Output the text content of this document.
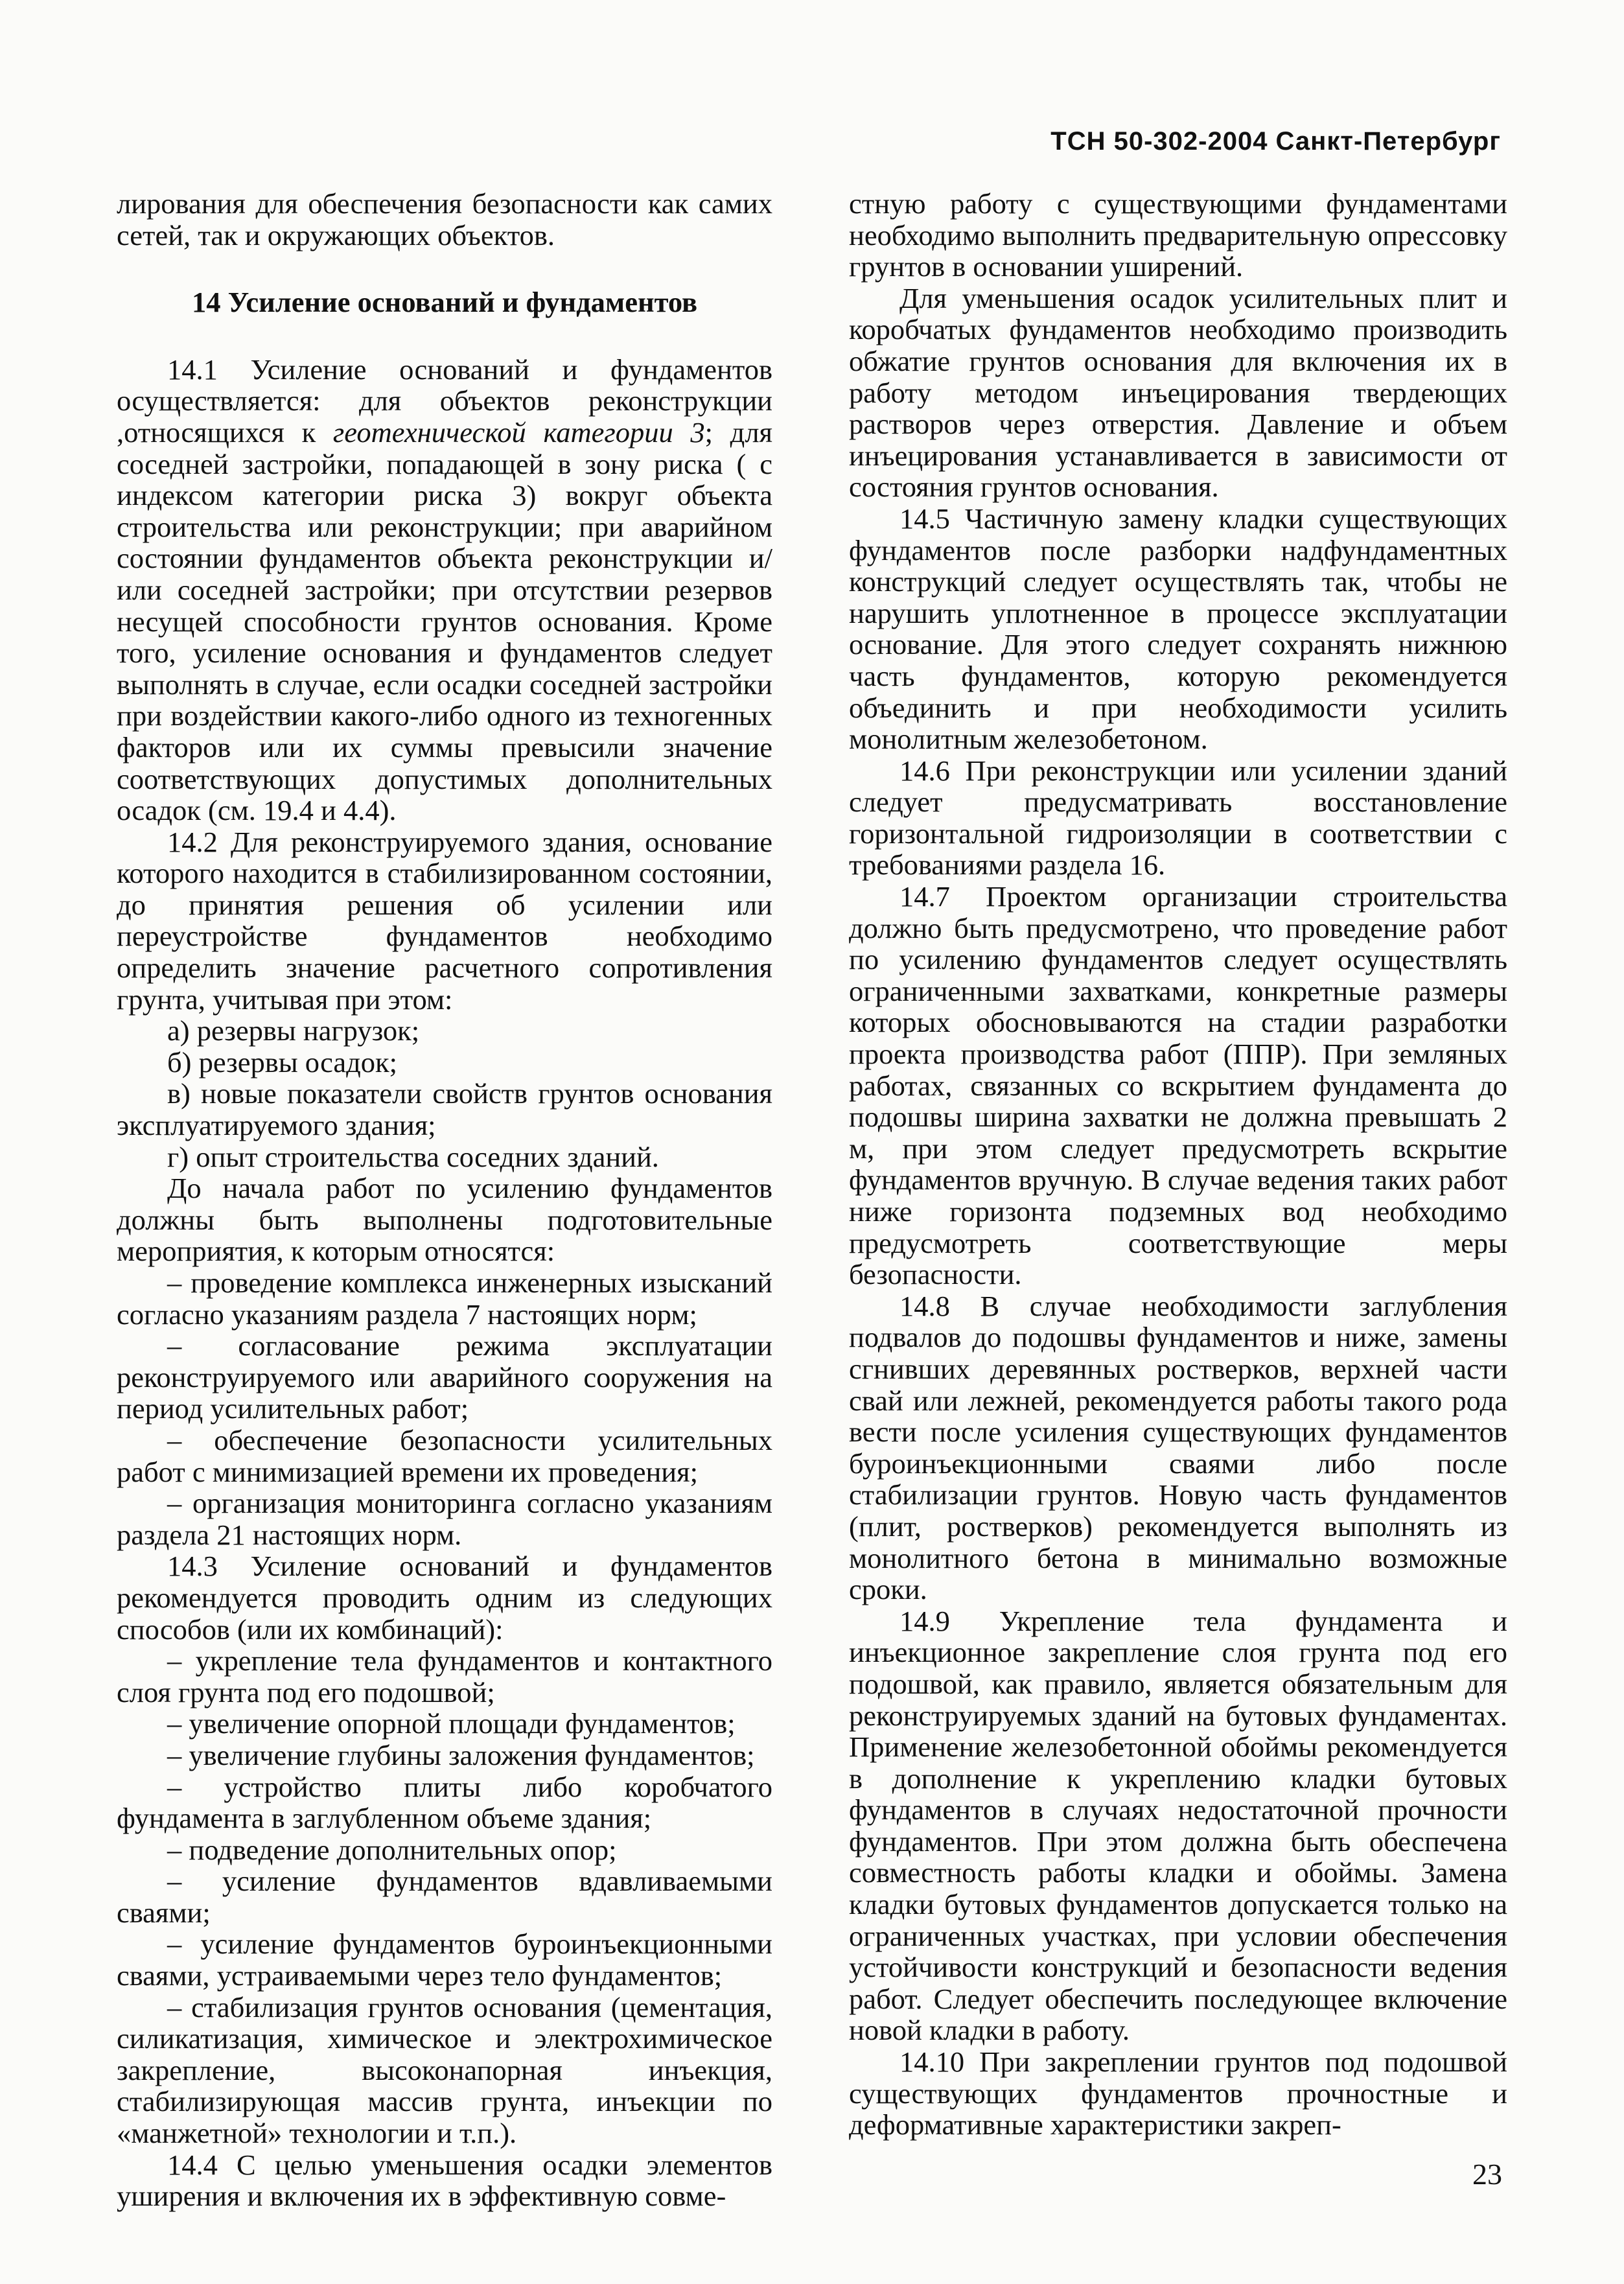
ТСН 50-302-2004 Санкт-Петербург

лирования для обеспечения безопасности как самих сетей, так и окружающих объектов.

14 Усиление оснований и фундаментов

14.1 Усиление оснований и фундаментов осуществляется: для объектов реконструкции ,относящихся к геотехнической категории 3; для соседней застройки, попадающей в зону риска ( с индексом категории риска 3) вокруг объекта строительства или реконструкции; при аварийном состоянии фундаментов объекта реконструкции и/или соседней застройки; при отсутствии резервов несущей способности грунтов основания. Кроме того, усиление основания и фундаментов следует выполнять в случае, если осадки соседней застройки при воздействии какого-либо одного из техногенных факторов или их суммы превысили значение соответствующих допустимых дополнительных осадок (см. 19.4 и 4.4).

14.2 Для реконструируемого здания, основание которого находится в стабилизированном состоянии, до принятия решения об усилении или переустройстве фундаментов необходимо определить значение расчетного сопротивления грунта, учитывая при этом:

а) резервы нагрузок;

б) резервы осадок;

в) новые показатели свойств грунтов основания эксплуатируемого здания;

г) опыт строительства соседних зданий.

До начала работ по усилению фундаментов должны быть выполнены подготовительные мероприятия, к которым относятся:

– проведение комплекса инженерных изысканий согласно указаниям раздела 7 настоящих норм;

– согласование режима эксплуатации реконструируемого или аварийного сооружения на период усилительных работ;

– обеспечение безопасности усилительных работ с минимизацией времени их проведения;

– организация мониторинга согласно указаниям раздела 21 настоящих норм.

14.3 Усиление оснований и фундаментов рекомендуется проводить одним из следующих способов (или их комбинаций):

– укрепление тела фундаментов и контактного слоя грунта под его подошвой;

– увеличение опорной площади фундаментов;

– увеличение глубины заложения фундаментов;

– устройство плиты либо коробчатого фундамента в заглубленном объеме здания;

– подведение дополнительных опор;

– усиление фундаментов вдавливаемыми сваями;

– усиление фундаментов буроинъекционными сваями, устраиваемыми через тело фундаментов;

– стабилизация грунтов основания (цементация, силикатизация, химическое и электрохимическое закрепление, высоконапорная инъекция, стабилизирующая массив грунта, инъекции по «манжетной» технологии и т.п.).

14.4 С целью уменьшения осадки элементов уширения и включения их в эффективную совме-

стную работу с существующими фундаментами необходимо выполнить предварительную опрессовку грунтов в основании уширений.

Для уменьшения осадок усилительных плит и коробчатых фундаментов необходимо производить обжатие грунтов основания для включения их в работу методом инъецирования твердеющих растворов через отверстия. Давление и объем инъецирования устанавливается в зависимости от состояния грунтов основания.

14.5 Частичную замену кладки существующих фундаментов после разборки надфундаментных конструкций следует осуществлять так, чтобы не нарушить уплотненное в процессе эксплуатации основание. Для этого следует сохранять нижнюю часть фундаментов, которую рекомендуется объединить и при необходимости усилить монолитным железобетоном.

14.6 При реконструкции или усилении зданий следует предусматривать восстановление горизонтальной гидроизоляции в соответствии с требованиями раздела 16.

14.7 Проектом организации строительства должно быть предусмотрено, что проведение работ по усилению фундаментов следует осуществлять ограниченными захватками, конкретные размеры которых обосновываются на стадии разработки проекта производства работ (ППР). При земляных работах, связанных со вскрытием фундамента до подошвы ширина захватки не должна превышать 2 м, при этом следует предусмотреть вскрытие фундаментов вручную. В случае ведения таких работ ниже горизонта подземных вод необходимо предусмотреть соответствующие меры безопасности.

14.8 В случае необходимости заглубления подвалов до подошвы фундаментов и ниже, замены сгнивших деревянных ростверков, верхней части свай или лежней, рекомендуется работы такого рода вести после усиления существующих фундаментов буроинъекционными сваями либо после стабилизации грунтов. Новую часть фундаментов (плит, ростверков) рекомендуется выполнять из монолитного бетона в минимально возможные сроки.

14.9 Укрепление тела фундамента и инъекционное закрепление слоя грунта под его подошвой, как правило, является обязательным для реконструируемых зданий на бутовых фундаментах. Применение железобетонной обоймы рекомендуется в дополнение к укреплению кладки бутовых фундаментов в случаях недостаточной прочности фундаментов. При этом должна быть обеспечена совместность работы кладки и обоймы. Замена кладки бутовых фундаментов допускается только на ограниченных участках, при условии обеспечения устойчивости конструкций и безопасности ведения работ. Следует обеспечить последующее включение новой кладки в работу.

14.10 При закреплении грунтов под подошвой существующих фундаментов прочностные и деформативные характеристики закреп-

23
